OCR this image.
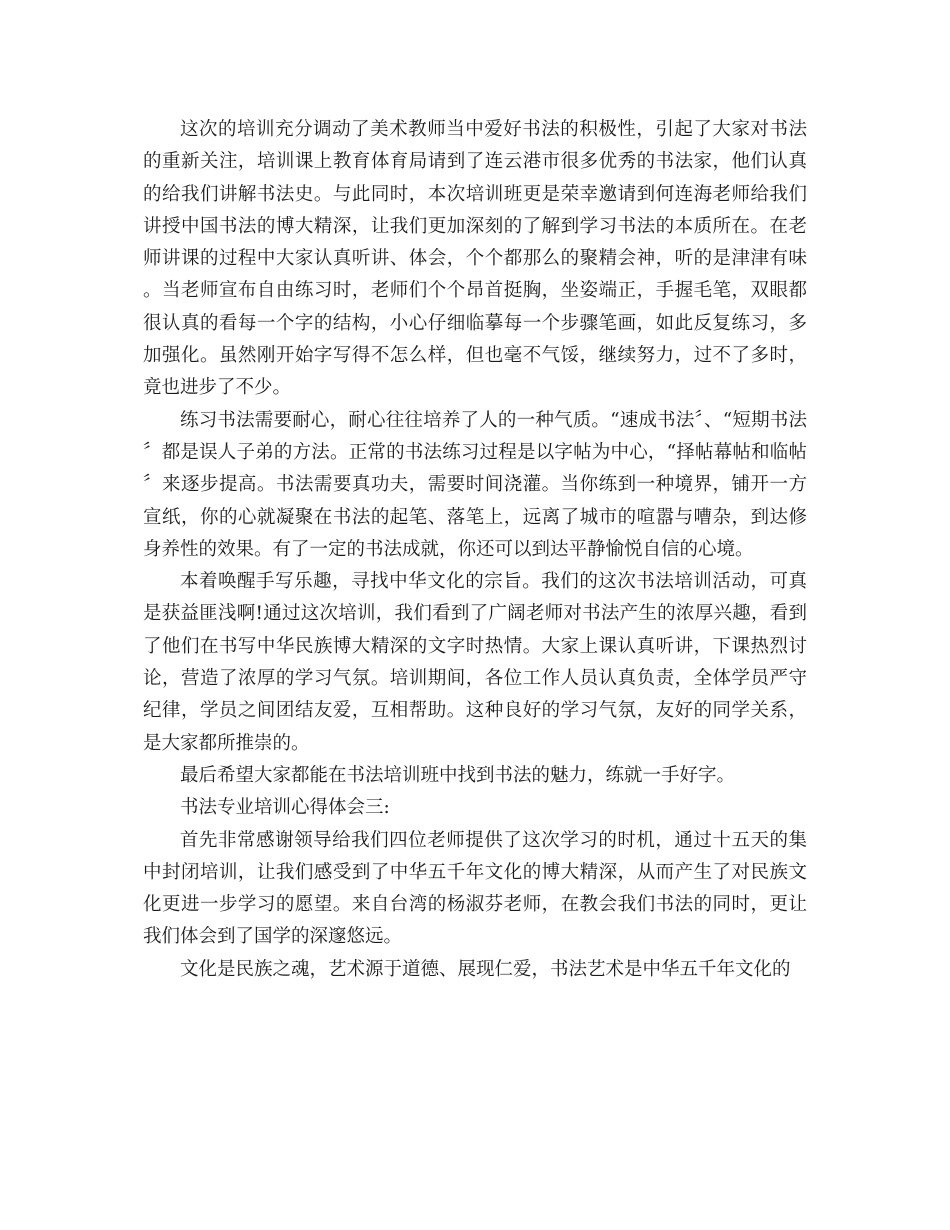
这次的培训充分调动了美术教师当中爱好书法的积极性，引起了大家对书法的重新关注，培训课上教育体育局请到了连云港市很多优秀的书法家，他们认真的给我们讲解书法史。与此同时，本次培训班更是荣幸邀请到何连海老师给我们讲授中国书法的博大精深，让我们更加深刻的了解到学习书法的本质所在。在老师讲课的过程中大家认真听讲、体会，个个都那么的聚精会神，听的是津津有味。当老师宣布自由练习时，老师们个个昂首挺胸，坐姿端正，手握毛笔，双眼都很认真的看每一个字的结构，小心仔细临摹每一个步骤笔画，如此反复练习，多加强化。虽然刚开始字写得不怎么样，但也毫不气馁，继续努力，过不了多时，竟也进步了不少。

练习书法需要耐心，耐心往往培养了人的一种气质。“速成书法〞、“短期书法〞都是误人子弟的方法。正常的书法练习过程是以字帖为中心，“择帖幕帖和临帖〞来逐步提高。书法需要真功夫，需要时间浇灌。当你练到一种境界，铺开一方宣纸，你的心就凝聚在书法的起笔、落笔上，远离了城市的喧嚣与嘈杂，到达修身养性的效果。有了一定的书法成就，你还可以到达平静愉悦自信的心境。

本着唤醒手写乐趣，寻找中华文化的宗旨。我们的这次书法培训活动，可真是获益匪浅啊!通过这次培训，我们看到了广阔老师对书法产生的浓厚兴趣，看到了他们在书写中华民族博大精深的文字时热情。大家上课认真听讲，下课热烈讨论，营造了浓厚的学习气氛。培训期间，各位工作人员认真负责，全体学员严守纪律，学员之间团结友爱，互相帮助。这种良好的学习气氛，友好的同学关系，是大家都所推崇的。

最后希望大家都能在书法培训班中找到书法的魅力，练就一手好字。

书法专业培训心得体会三:

首先非常感谢领导给我们四位老师提供了这次学习的时机，通过十五天的集中封闭培训，让我们感受到了中华五千年文化的博大精深，从而产生了对民族文化更进一步学习的愿望。来自台湾的杨淑芬老师，在教会我们书法的同时，更让我们体会到了国学的深邃悠远。

文化是民族之魂，艺术源于道德、展现仁爱，书法艺术是中华五千年文化的
